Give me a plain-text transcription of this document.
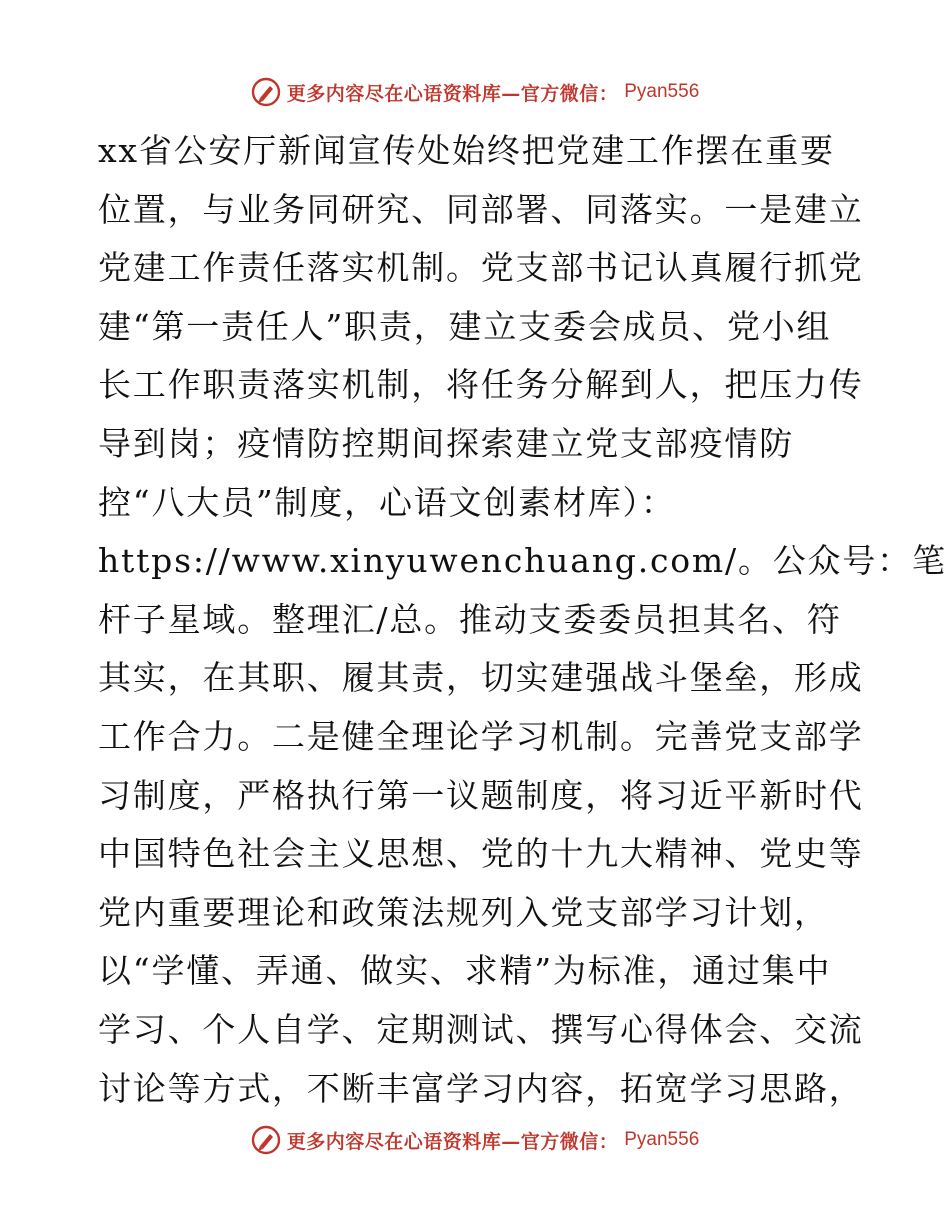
更多内容尽在心语资料库—官方微信： Pyan556
xx省公安厅新闻宣传处始终把党建工作摆在重要
位置，与业务同研究、同部署、同落实。一是建立
党建工作责任落实机制。党支部书记认真履行抓党
建“第一责任人”职责，建立支委会成员、党小组
长工作职责落实机制，将任务分解到人，把压力传
导到岗；疫情防控期间探索建立党支部疫情防
控“八大员”制度，心语文创素材库）：
https://www.xinyuwenchuang.com/。公众号：笔
杆子星域。整理汇/总。推动支委委员担其名、符
其实，在其职、履其责，切实建强战斗堡垒，形成
工作合力。二是健全理论学习机制。完善党支部学
习制度，严格执行第一议题制度，将习近平新时代
中国特色社会主义思想、党的十九大精神、党史等
党内重要理论和政策法规列入党支部学习计划，
以“学懂、弄通、做实、求精”为标准，通过集中
学习、个人自学、定期测试、撰写心得体会、交流
讨论等方式，不断丰富学习内容，拓宽学习思路，
更多内容尽在心语资料库—官方微信： Pyan556
